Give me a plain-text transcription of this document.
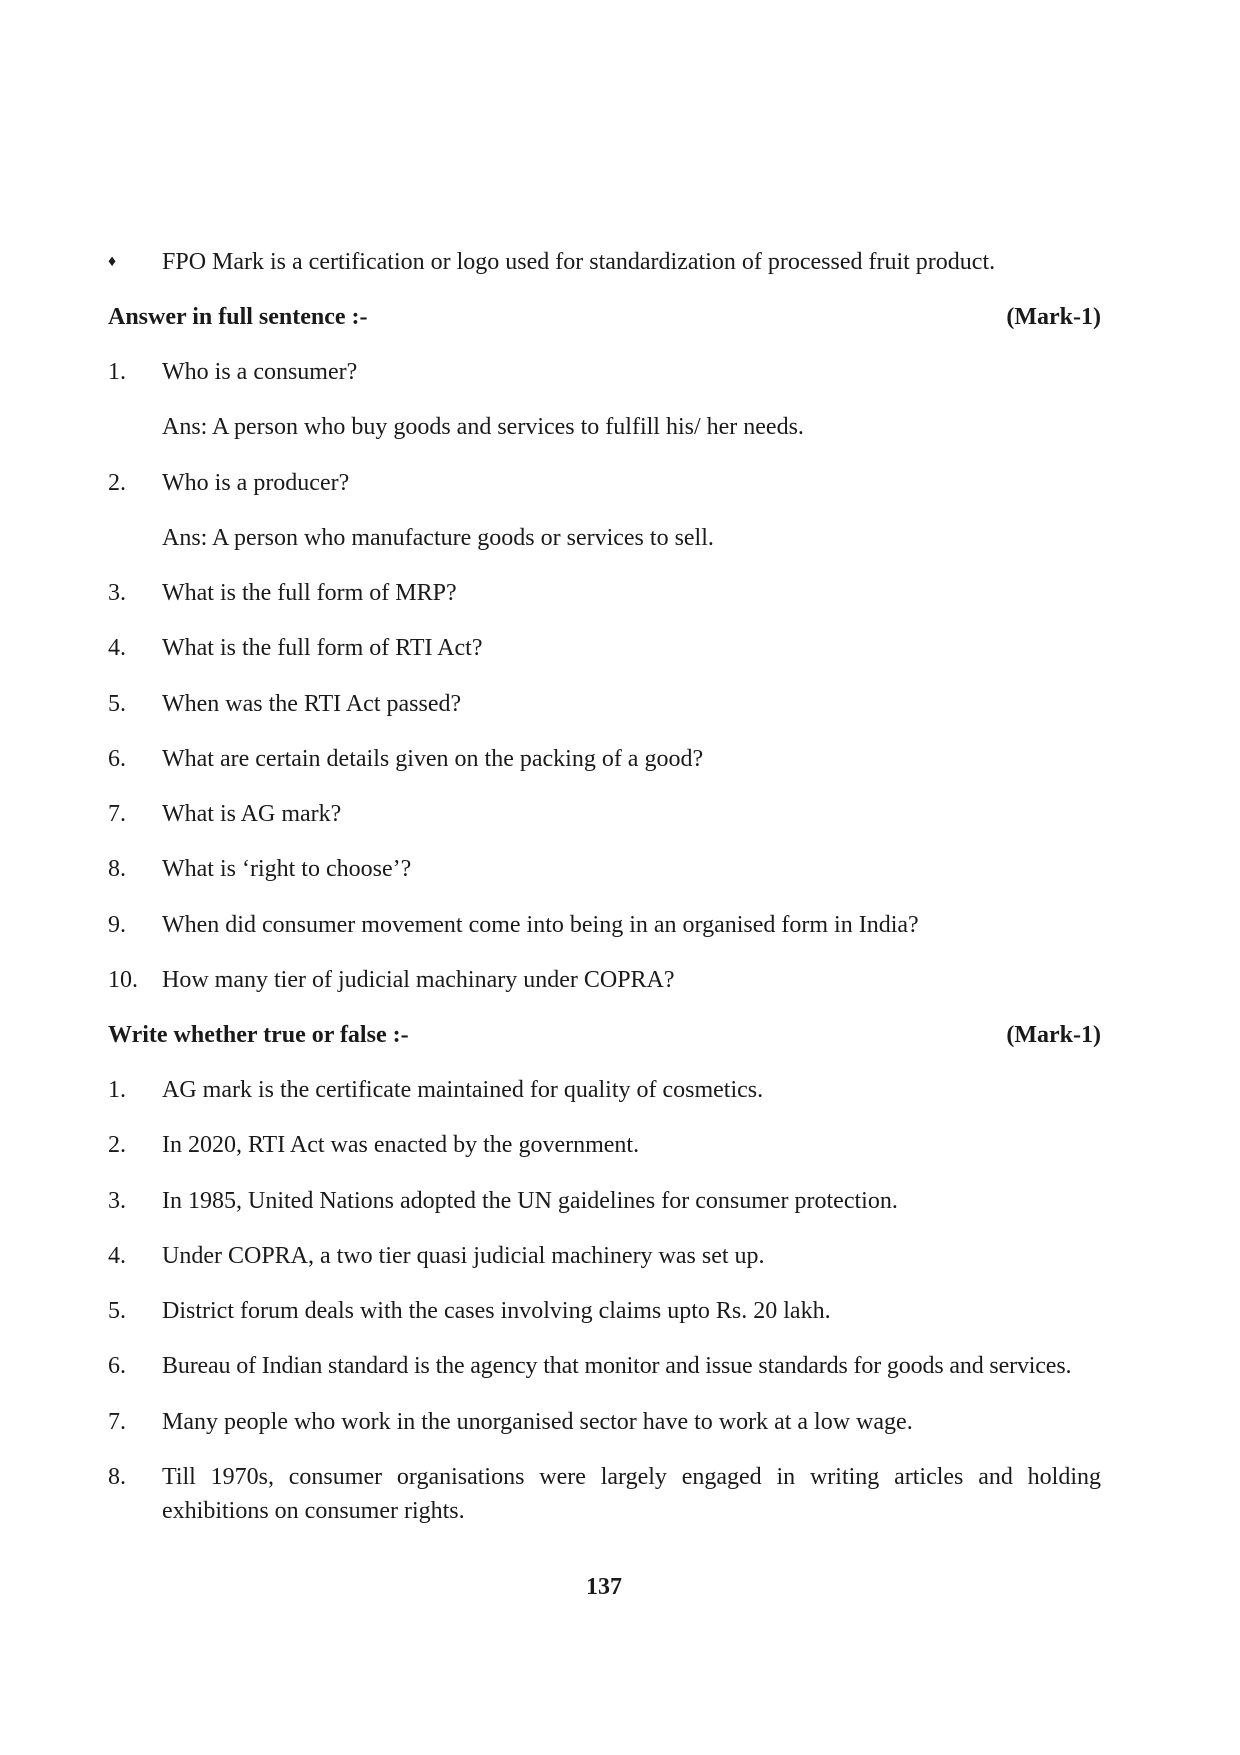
♦ FPO Mark is a certification or logo used for standardization of processed fruit product.
Answer in full sentence :-	(Mark-1)
1. Who is a consumer?
Ans: A person who buy goods and services to fulfill his/ her needs.
2. Who is a producer?
Ans: A person who manufacture goods or services to sell.
3. What is the full form of MRP?
4. What is the full form of RTI Act?
5. When was the RTI Act passed?
6. What are certain details given on the packing of a good?
7. What is AG mark?
8. What is ‘right to choose’?
9. When did consumer movement come into being in an organised form in India?
10. How many tier of judicial machinary under COPRA?
Write whether true or false :-	(Mark-1)
1. AG mark is the certificate maintained for quality of cosmetics.
2. In 2020, RTI Act was enacted by the government.
3. In 1985, United Nations adopted the UN gaidelines for consumer protection.
4. Under COPRA, a two tier quasi judicial machinery was set up.
5. District forum deals with the cases involving claims upto Rs. 20 lakh.
6. Bureau of Indian standard is the agency that monitor and issue standards for goods and services.
7. Many people who work in the unorganised sector have to work at a low wage.
8. Till 1970s, consumer organisations were largely engaged in writing articles and holding
exhibitions on consumer rights.
137
